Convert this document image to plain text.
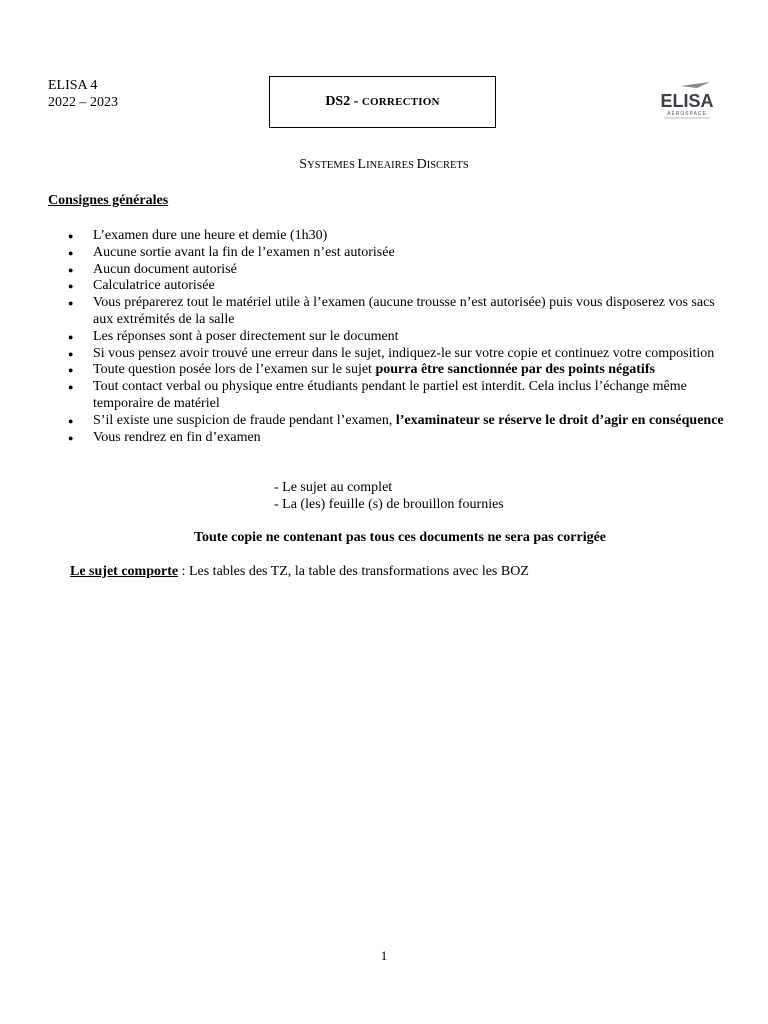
ELISA 4
2022 – 2023	DS2 - CORRECTION	ELISA
AEROSPACE
SYSTEMES LINEAIRES DISCRETS
Consignes générales
● L’examen dure une heure et demie (1h30)
● Aucune sortie avant la fin de l’examen n’est autorisée
● Aucun document autorisé
● Calculatrice autorisée
● Vous préparerez tout le matériel utile à l’examen (aucune trousse n’est autorisée) puis vous disposerez vos sacs aux extrémités de la salle
● Les réponses sont à poser directement sur le document
● Si vous pensez avoir trouvé une erreur dans le sujet, indiquez-le sur votre copie et continuez votre composition
● Toute question posée lors de l’examen sur le sujet pourra être sanctionnée par des points négatifs
● Tout contact verbal ou physique entre étudiants pendant le partiel est interdit. Cela inclus l’échange même temporaire de matériel
● S’il existe une suspicion de fraude pendant l’examen, l’examinateur se réserve le droit d’agir en conséquence
● Vous rendrez en fin d’examen
- Le sujet au complet
- La (les) feuille (s) de brouillon fournies
Toute copie ne contenant pas tous ces documents ne sera pas corrigée
Le sujet comporte : Les tables des TZ, la table des transformations avec les BOZ
1
